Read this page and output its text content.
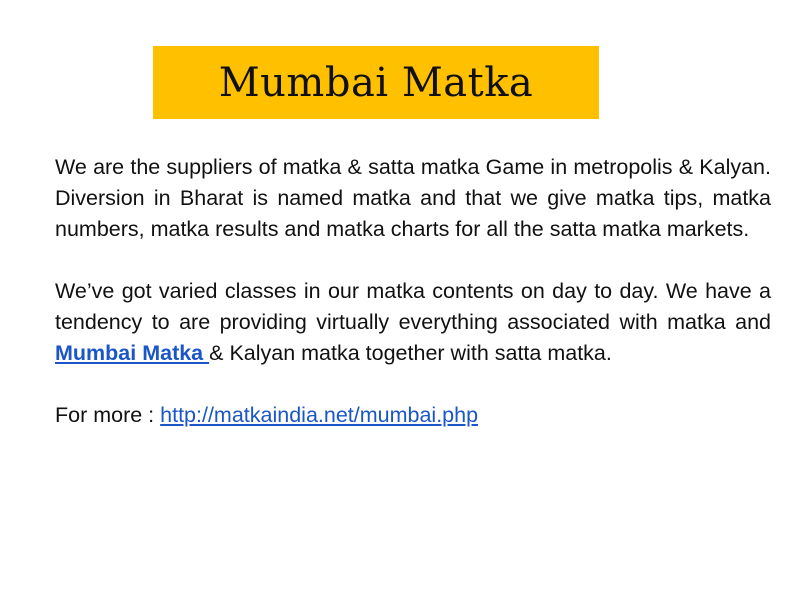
Mumbai Matka

We are the suppliers of matka & satta matka Game in metropolis & Kalyan. Diversion in Bharat is named matka and that we give matka tips, matka numbers, matka results and matka charts for all the satta matka markets.

We’ve got varied classes in our matka contents on day to day. We have a tendency to are providing virtually everything associated with matka and Mumbai Matka & Kalyan matka together with satta matka.

For more : http://matkaindia.net/mumbai.php
